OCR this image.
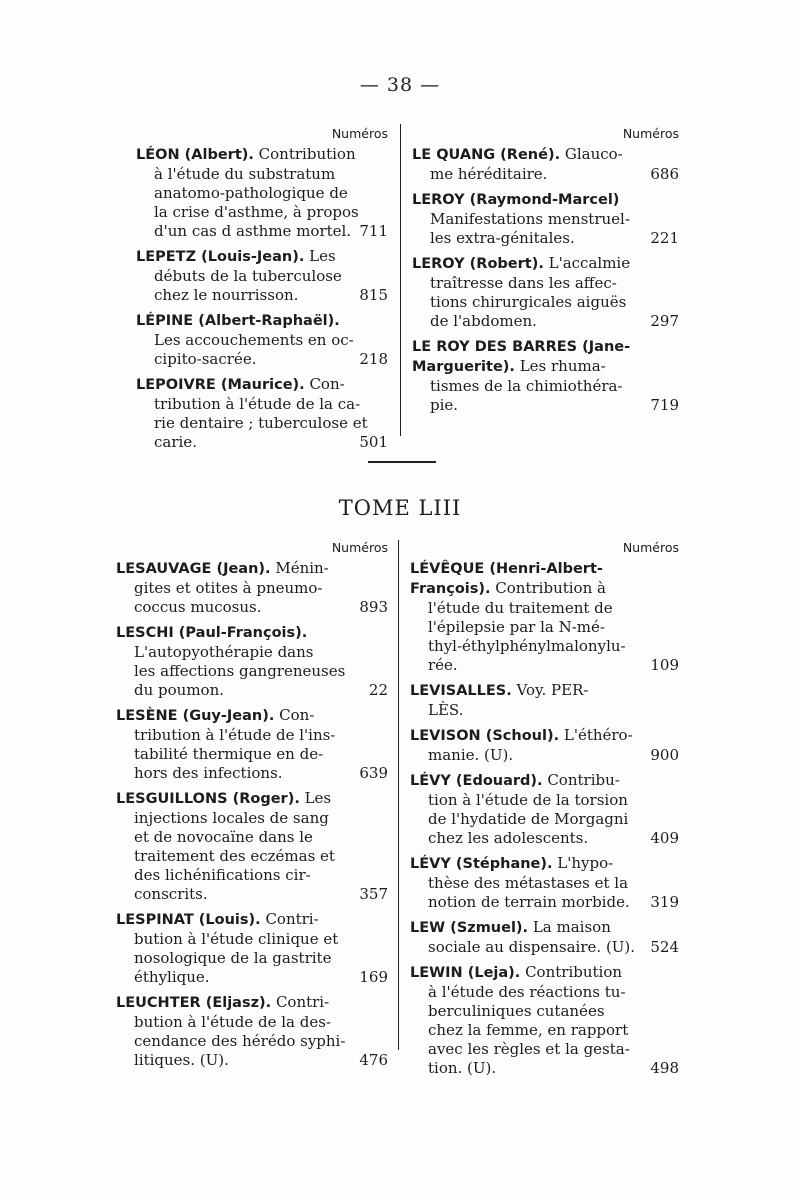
— 38 —
Numéros
LÉON (Albert). Contribution
à l'étude du substratum
anatomo-pathologique de
la crise d'asthme, à propos
d'un cas d asthme mortel. 711
LEPETZ (Louis-Jean). Les
débuts de la tuberculose
chez le nourrisson.	815
LÉPINE (Albert-Raphaël).
Les accouchements en oc-
cipito-sacrée.	218
LEPOIVRE (Maurice). Con-
tribution à l'étude de la ca-
rie dentaire ; tuberculose et
carie.	501
Numéros
LE QUANG (René). Glauco-
me héréditaire.	686
LEROY (Raymond-Marcel)
Manifestations menstruel-
les extra-génitales.	221
LEROY (Robert). L'accalmie
traîtresse dans les affec-
tions chirurgicales aiguës
de l'abdomen.	297
LE ROY DES BARRES (Jane-
Marguerite). Les rhuma-
tismes de la chimiothéra-
pie.	719
TOME LIII
Numéros
LESAUVAGE (Jean). Ménin-
gites et otites à pneumo-
coccus mucosus.	893
LESCHI (Paul-François).
L'autopyothérapie dans
les affections gangreneuses
du poumon.	22
LESÈNE (Guy-Jean). Con-
tribution à l'étude de l'ins-
tabilité thermique en de-
hors des infections.	639
LESGUILLONS (Roger). Les
injections locales de sang
et de novocaïne dans le
traitement des eczémas et
des lichénifications cir-
conscrits.	357
LESPINAT (Louis). Contri-
bution à l'étude clinique et
nosologique de la gastrite
éthylique.	169
LEUCHTER (Eljasz). Contri-
bution à l'étude de la des-
cendance des hérédo syphi-
litiques. (U).	476
Numéros
LÉVÊQUE (Henri-Albert-
François). Contribution à
l'étude du traitement de
l'épilepsie par la N-mé-
thyl-éthylphénylmalonylu-
rée.	109
LEVISALLES. Voy. PER-
LÈS.
LEVISON (Schoul). L'éthéro-
manie. (U).	900
LÉVY (Edouard). Contribu-
tion à l'étude de la torsion
de l'hydatide de Morgagni
chez les adolescents.	409
LÉVY (Stéphane). L'hypo-
thèse des métastases et la
notion de terrain morbide. 319
LEW (Szmuel). La maison
sociale au dispensaire. (U). 524
LEWIN (Leja). Contribution
à l'étude des réactions tu-
berculiniques cutanées
chez la femme, en rapport
avec les règles et la gesta-
tion. (U).	498
